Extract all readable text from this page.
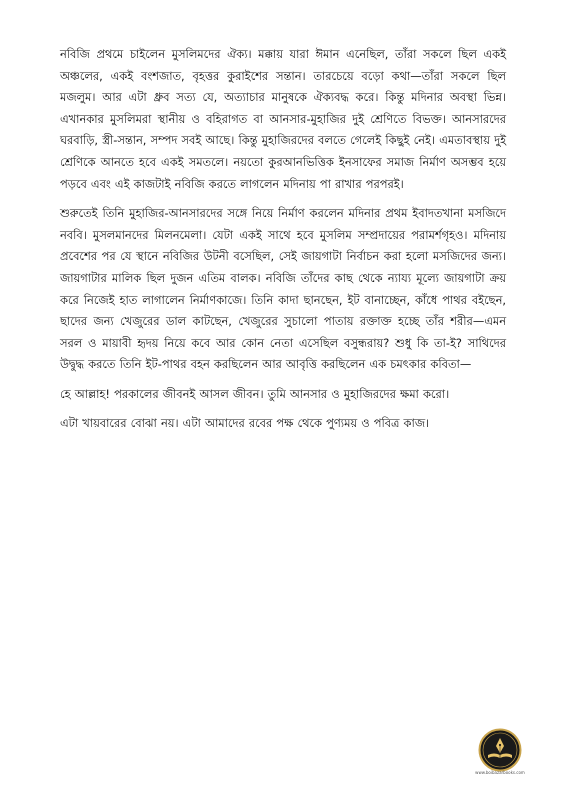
নবিজি প্রথমে চাইলেন মুসলিমদের ঐক্য। মক্কায় যারা ঈমান এনেছিল, তাঁরা সকলে ছিল একই অঞ্চলের, একই বংশজাত, বৃহত্তর কুরাইশের সন্তান। তারচেয়ে বড়ো কথা—তাঁরা সকলে ছিল মজলুম। আর এটা ধ্রুব সত্য যে, অত্যাচার মানুষকে ঐক্যবদ্ধ করে। কিন্তু মদিনার অবস্থা ভিন্ন। এখানকার মুসলিমরা স্থানীয় ও বহিরাগত বা আনসার-মুহাজির দুই শ্রেণিতে বিভক্ত। আনসারদের ঘরবাড়ি, স্ত্রী-সন্তান, সম্পদ সবই আছে। কিন্তু মুহাজিরদের বলতে গেলেই কিছুই নেই। এমতাবস্থায় দুই শ্রেণিকে আনতে হবে একই সমতলে। নয়তো কুরআনভিত্তিক ইনসাফের সমাজ নির্মাণ অসম্ভব হয়ে পড়বে এবং এই কাজটাই নবিজি করতে লাগলেন মদিনায় পা রাখার পরপরই।

শুরুতেই তিনি মুহাজির-আনসারদের সঙ্গে নিয়ে নির্মাণ করলেন মদিনার প্রথম ইবাদতখানা মসজিদে নববি। মুসলমানদের মিলনমেলা। যেটা একই সাথে হবে মুসলিম সম্প্রদায়ের পরামর্শগৃহও। মদিনায় প্রবেশের পর যে স্থানে নবিজির উটনী বসেছিল, সেই জায়গাটা নির্বাচন করা হলো মসজিদের জন্য। জায়গাটার মালিক ছিল দুজন এতিম বালক। নবিজি তাঁদের কাছ থেকে ন্যায্য মূল্যে জায়গাটা ক্রয় করে নিজেই হাত লাগালেন নির্মাণকাজে। তিনি কাদা ছানছেন, ইট বানাচ্ছেন, কাঁধে পাথর বইছেন, ছাদের জন্য খেজুরের ডাল কাটছেন, খেজুরের সুচালো পাতায় রক্তাক্ত হচ্ছে তাঁর শরীর—এমন সরল ও মায়াবী হৃদয় নিয়ে কবে আর কোন নেতা এসেছিল বসুন্ধরায়? শুধু কি তা-ই? সাথিদের উদ্বুদ্ধ করতে তিনি ইট-পাথর বহন করছিলেন আর আবৃত্তি করছিলেন এক চমৎকার কবিতা—

হে আল্লাহ! পরকালের জীবনই আসল জীবন। তুমি আনসার ও মুহাজিরদের ক্ষমা করো।

এটা খায়বারের বোঝা নয়। এটা আমাদের রবের পক্ষ থেকে পুণ্যময় ও পবিত্র কাজ।

www.boibazarbooks.com
